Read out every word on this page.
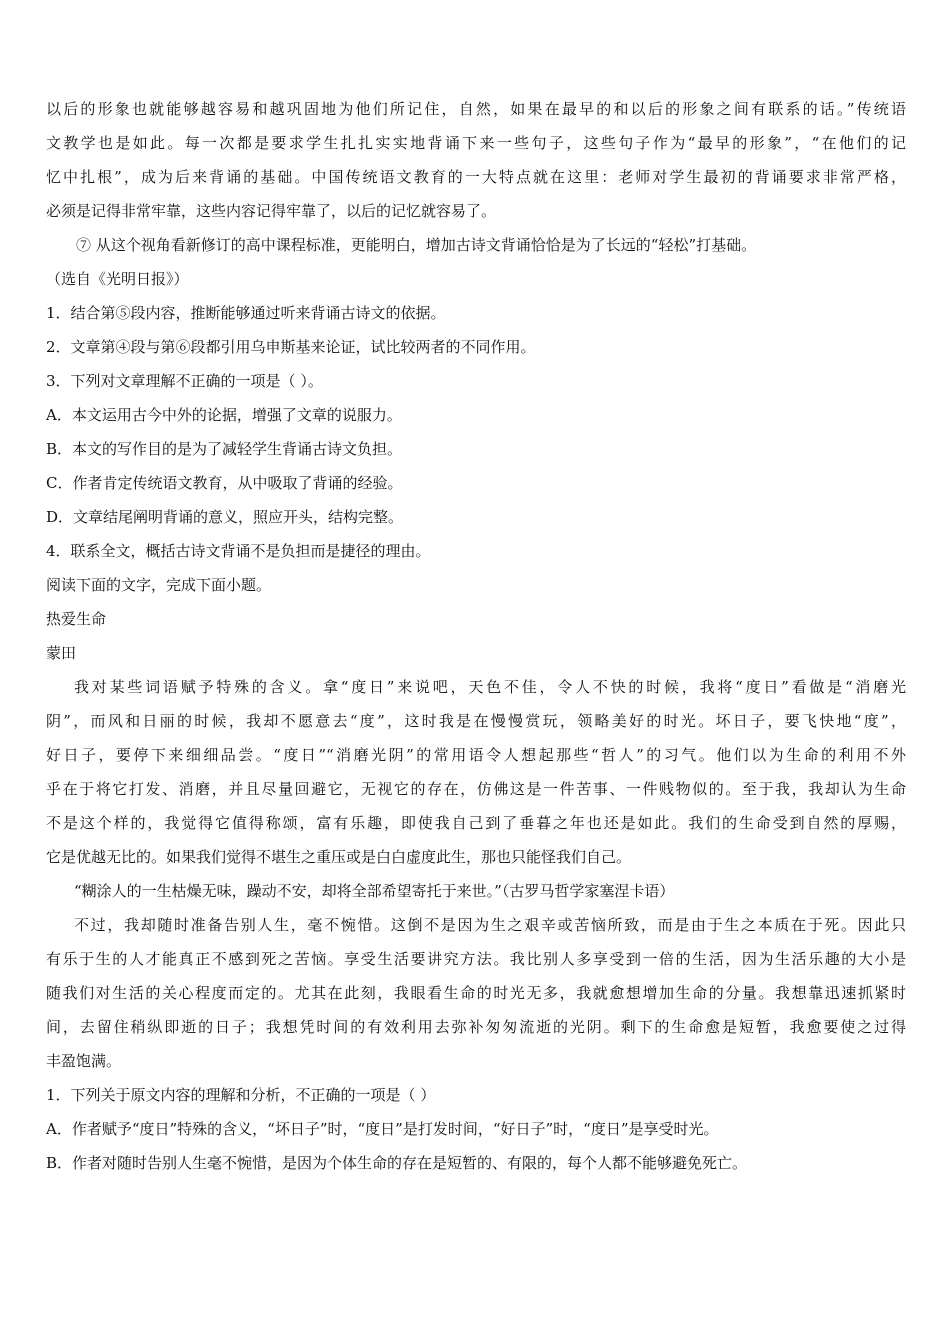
以后的形象也就能够越容易和越巩固地为他们所记住，自然，如果在最早的和以后的形象之间有联系的话。”传统语
文教学也是如此。每一次都是要求学生扎扎实实地背诵下来一些句子，这些句子作为“最早的形象”，“在他们的记
忆中扎根”，成为后来背诵的基础。中国传统语文教育的一大特点就在这里：老师对学生最初的背诵要求非常严格，
必须是记得非常牢靠，这些内容记得牢靠了，以后的记忆就容易了。
⑦ 从这个视角看新修订的高中课程标准，更能明白，增加古诗文背诵恰恰是为了长远的“轻松”打基础。
（选自《光明日报》）
1．结合第⑤段内容，推断能够通过听来背诵古诗文的依据。
2．文章第④段与第⑥段都引用乌申斯基来论证，试比较两者的不同作用。
3．下列对文章理解不正确的一项是（ ）。
A．本文运用古今中外的论据，增强了文章的说服力。
B．本文的写作目的是为了减轻学生背诵古诗文负担。
C．作者肯定传统语文教育，从中吸取了背诵的经验。
D．文章结尾阐明背诵的意义，照应开头，结构完整。
4．联系全文，概括古诗文背诵不是负担而是捷径的理由。
阅读下面的文字，完成下面小题。
热爱生命
蒙田
我对某些词语赋予特殊的含义。拿“度日”来说吧，天色不佳，令人不快的时候，我将“度日”看做是“消磨光
阴”，而风和日丽的时候，我却不愿意去“度”，这时我是在慢慢赏玩，领略美好的时光。坏日子，要飞快地“度”，
好日子，要停下来细细品尝。“度日”“消磨光阴”的常用语令人想起那些“哲人”的习气。他们以为生命的利用不外
乎在于将它打发、消磨，并且尽量回避它，无视它的存在，仿佛这是一件苦事、一件贱物似的。至于我，我却认为生命
不是这个样的，我觉得它值得称颂，富有乐趣，即使我自己到了垂暮之年也还是如此。我们的生命受到自然的厚赐，
它是优越无比的。如果我们觉得不堪生之重压或是白白虚度此生，那也只能怪我们自己。
“糊涂人的一生枯燥无味，躁动不安，却将全部希望寄托于来世。”（古罗马哲学家塞涅卡语）
不过，我却随时准备告别人生，毫不惋惜。这倒不是因为生之艰辛或苦恼所致，而是由于生之本质在于死。因此只
有乐于生的人才能真正不感到死之苦恼。享受生活要讲究方法。我比别人多享受到一倍的生活，因为生活乐趣的大小是
随我们对生活的关心程度而定的。尤其在此刻，我眼看生命的时光无多，我就愈想增加生命的分量。我想靠迅速抓紧时
间，去留住稍纵即逝的日子；我想凭时间的有效利用去弥补匆匆流逝的光阴。剩下的生命愈是短暂，我愈要使之过得
丰盈饱满。
1．下列关于原文内容的理解和分析，不正确的一项是（ ）
A．作者赋予“度日”特殊的含义，“坏日子”时，“度日”是打发时间，“好日子”时，“度日”是享受时光。
B．作者对随时告别人生毫不惋惜，是因为个体生命的存在是短暂的、有限的，每个人都不能够避免死亡。
